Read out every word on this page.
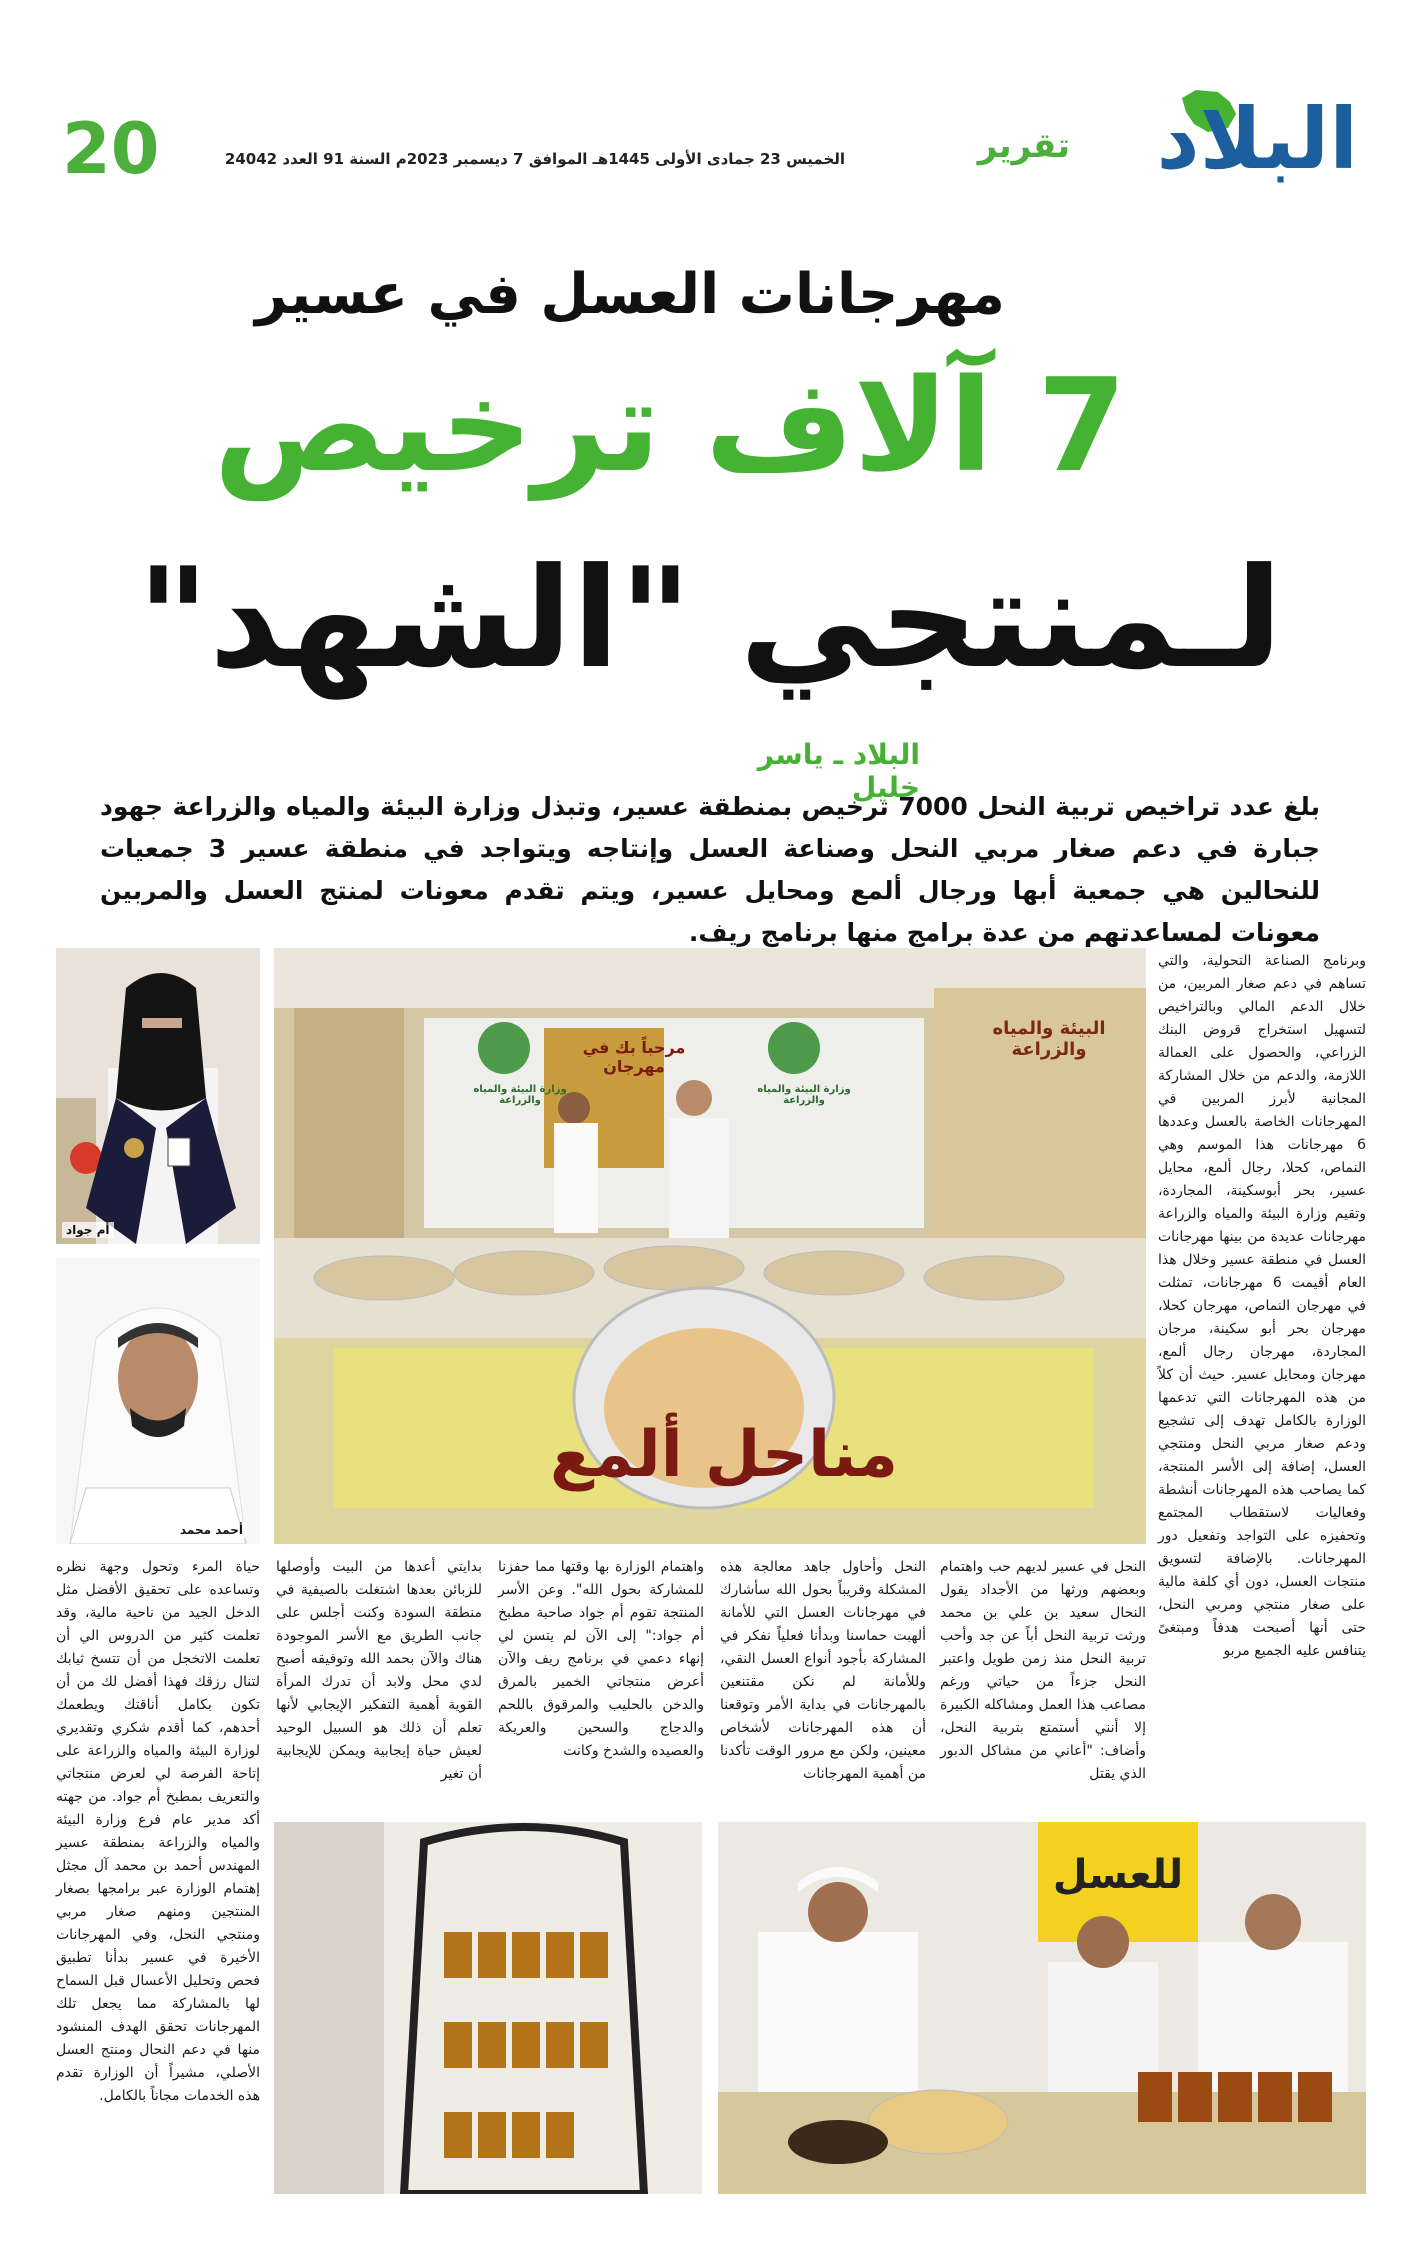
البلاد
تقرير
الخميس 23 جمادى الأولى 1445هـ الموافق 7 ديسمبر 2023م السنة 91 العدد 24042
20
مهرجانات العسل في عسير
7 آلاف ترخيص
لـمنتجي "الشهد"
البلاد ـ ياسر خليل
بلغ عدد تراخيص تربية النحل 7000 ترخيص بمنطقة عسير، وتبذل وزارة البيئة والمياه والزراعة جهود جبارة في دعم صغار مربي النحل وصناعة العسل وإنتاجه ويتواجد في منطقة عسير 3 جمعيات للنحالين هي جمعية أبها ورجال ألمع ومحايل عسير، ويتم تقدم معونات لمنتج العسل والمربين معونات لمساعدتهم من عدة برامج منها برنامج ريف.
أم جواد
أحمد محمد
مرحباً بك في مهرجان
وزارة البيئة والمياه والزراعة
وزارة البيئة والمياه والزراعة
البيئة والمياه والزراعة
مناحل ألمع
للعسل
وبرنامج الصناعة التحولية، والتي تساهم في دعم صغار المربين، من خلال الدعم المالي وبالتراخيص لتسهيل استخراج قروض البنك الزراعي، والحصول على العمالة اللازمة، والدعم من خلال المشاركة المجانية لأبرز المربين في المهرجانات الخاصة بالعسل وعددها 6 مهرجانات هذا الموسم وهي النماص، كحلا، رجال ألمع، محايل عسير، بحر أبوسكينة، المجاردة، وتقيم وزارة البيئة والمياه والزراعة مهرجانات عديدة من بينها مهرجانات العسل في منطقة عسير وخلال هذا العام أقيمت 6 مهرجانات، تمثلت في مهرجان النماص، مهرجان كحلا، مهرجان بحر أبو سكينة، مرجان المجاردة، مهرجان رجال ألمع، مهرجان ومحايل عسير. حيث أن كلاً من هذه المهرجانات التي تدعمها الوزارة بالكامل تهدف إلى تشجيع ودعم صغار مربي النحل ومنتجي العسل، إضافة إلى الأسر المنتجة، كما يصاحب هذه المهرجانات أنشطة وفعاليات لاستقطاب المجتمع وتحفيزه على التواجد وتفعيل دور المهرجانات. بالإضافة لتسويق منتجات العسل، دون أي كلفة مالية على صغار منتجي ومربي النحل، حتى أنها أصبحت هدفاً ومبتغىً يتنافس عليه الجميع مربو
النحل في عسير لديهم حب واهتمام وبعضهم ورثها من الأجداد يقول النحال سعيد بن علي بن محمد ورثت تربية النحل أباً عن جد وأحب تربية النحل منذ زمن طويل واعتبر النحل جزءاً من حياتي ورغم مصاعب هذا العمل ومشاكله الكبيرة إلا أنني أستمتع بتربية النحل، وأضاف: "أعاني من مشاكل الدبور الذي يقتل
النحل وأحاول جاهد معالجة هذه المشكلة وقريباً بحول الله سأشارك في مهرجانات العسل التي للأمانة ألهبت حماسنا وبدأنا فعلياً نفكر في المشاركة بأجود أنواع العسل النقي، وللأمانة لم نكن مقتنعين بالمهرجانات في بداية الأمر وتوقعنا أن هذه المهرجانات لأشخاص معينين، ولكن مع مرور الوقت تأكدنا من أهمية المهرجانات
واهتمام الوزارة بها وقتها مما حفزنا للمشاركة بحول الله". وعن الأسر المنتجة تقوم أم جواد صاحبة مطبخ أم جواد:" إلى الآن لم يتسن لي إنهاء دعمي في برنامج ريف والآن أعرض منتجاتي الخمير بالمرق والدخن بالحليب والمرقوق باللحم والدجاج والسحين والعريكة والعصيده والشدخ وكانت
بدايتي أعدها من البيت وأوصلها للزبائن بعدها اشتغلت بالصيفية في منطقة السودة وكنت أجلس على جانب الطريق مع الأسر الموجودة هناك والآن بحمد الله وتوفيقه أصبح لدي محل ولابد أن تدرك المرأة القوية أهمية التفكير الإيجابي لأنها تعلم أن ذلك هو السبيل الوحيد لعيش حياة إيجابية ويمكن للإيجابية أن تغير
حياة المرء وتحول وجهة نظره وتساعده على تحقيق الأفضل مثل الدخل الجيد من ناحية مالية، وقد تعلمت كثير من الدروس الي أن تعلمت الاتخجل من أن تتسخ ثيابك لتنال رزقك فهذا أفضل لك من أن تكون بكامل أناقتك ويطعمك أحدهم، كما أقدم شكري وتقديري لوزارة البيئة والمياه والزراعة على إتاحة الفرصة لي لعرض منتجاتي والتعريف بمطبخ أم جواد. من جهته أكد مدير عام فرع وزارة البيئة والمياه والزراعة بمنطقة عسير المهندس أحمد بن محمد آل مجثل إهتمام الوزارة عبر برامجها بصغار المنتجين ومنهم صغار مربي ومنتجي النحل، وفي المهرجانات الأخيرة في عسير بدأنا تطبيق فحص وتحليل الأعسال قبل السماح لها بالمشاركة مما يجعل تلك المهرجانات تحقق الهدف المنشود منها في دعم النحال ومنتج العسل الأصلي، مشيراً أن الوزارة تقدم هذه الخدمات مجاناً بالكامل.
